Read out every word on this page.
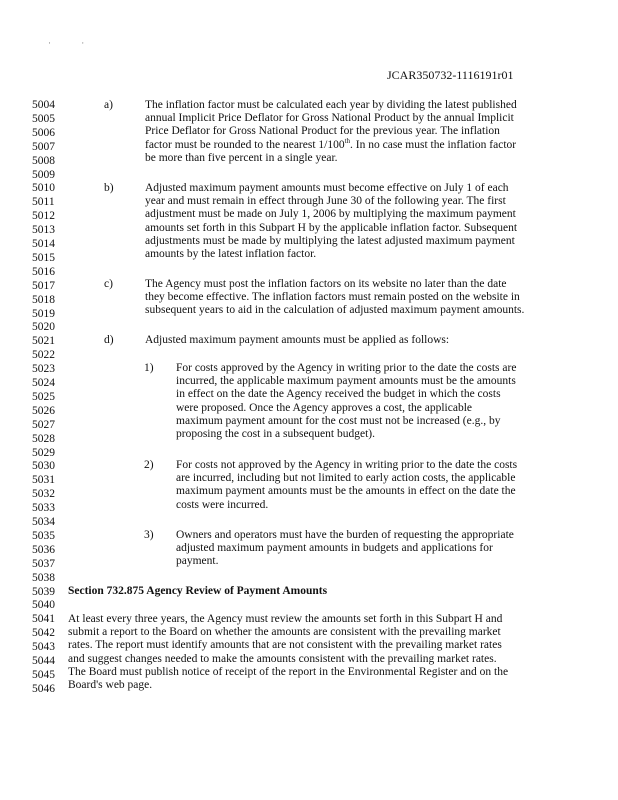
· ·
JCAR350732-1116191r01
5004
5005
5006
5007
5008
5009
5010
5011
5012
5013
5014
5015
5016
5017
5018
5019
5020
5021
5022
5023
5024
5025
5026
5027
5028
5029
5030
5031
5032
5033
5034
5035
5036
5037
5038
5039
5040
5041
5042
5043
5044
5045
5046
a)	The inflation factor must be calculated each year by dividing the latest published
annual Implicit Price Deflator for Gross National Product by the annual Implicit
Price Deflator for Gross National Product for the previous year. The inflation
factor must be rounded to the nearest 1/100th. In no case must the inflation factor
be more than five percent in a single year.
b)	Adjusted maximum payment amounts must become effective on July 1 of each
year and must remain in effect through June 30 of the following year. The first
adjustment must be made on July 1, 2006 by multiplying the maximum payment
amounts set forth in this Subpart H by the applicable inflation factor. Subsequent
adjustments must be made by multiplying the latest adjusted maximum payment
amounts by the latest inflation factor.
c)	The Agency must post the inflation factors on its website no later than the date
they become effective. The inflation factors must remain posted on the website in
subsequent years to aid in the calculation of adjusted maximum payment amounts.
d)	Adjusted maximum payment amounts must be applied as follows:
1) For costs approved by the Agency in writing prior to the date the costs are
incurred, the applicable maximum payment amounts must be the amounts
in effect on the date the Agency received the budget in which the costs
were proposed. Once the Agency approves a cost, the applicable
maximum payment amount for the cost must not be increased (e.g., by
proposing the cost in a subsequent budget).
2) For costs not approved by the Agency in writing prior to the date the costs
are incurred, including but not limited to early action costs, the applicable
maximum payment amounts must be the amounts in effect on the date the
costs were incurred.
3) Owners and operators must have the burden of requesting the appropriate
adjusted maximum payment amounts in budgets and applications for
payment.
Section 732.875 Agency Review of Payment Amounts
At least every three years, the Agency must review the amounts set forth in this Subpart H and
submit a report to the Board on whether the amounts are consistent with the prevailing market
rates. The report must identify amounts that are not consistent with the prevailing market rates
and suggest changes needed to make the amounts consistent with the prevailing market rates.
The Board must publish notice of receipt of the report in the Environmental Register and on the
Board's web page.
